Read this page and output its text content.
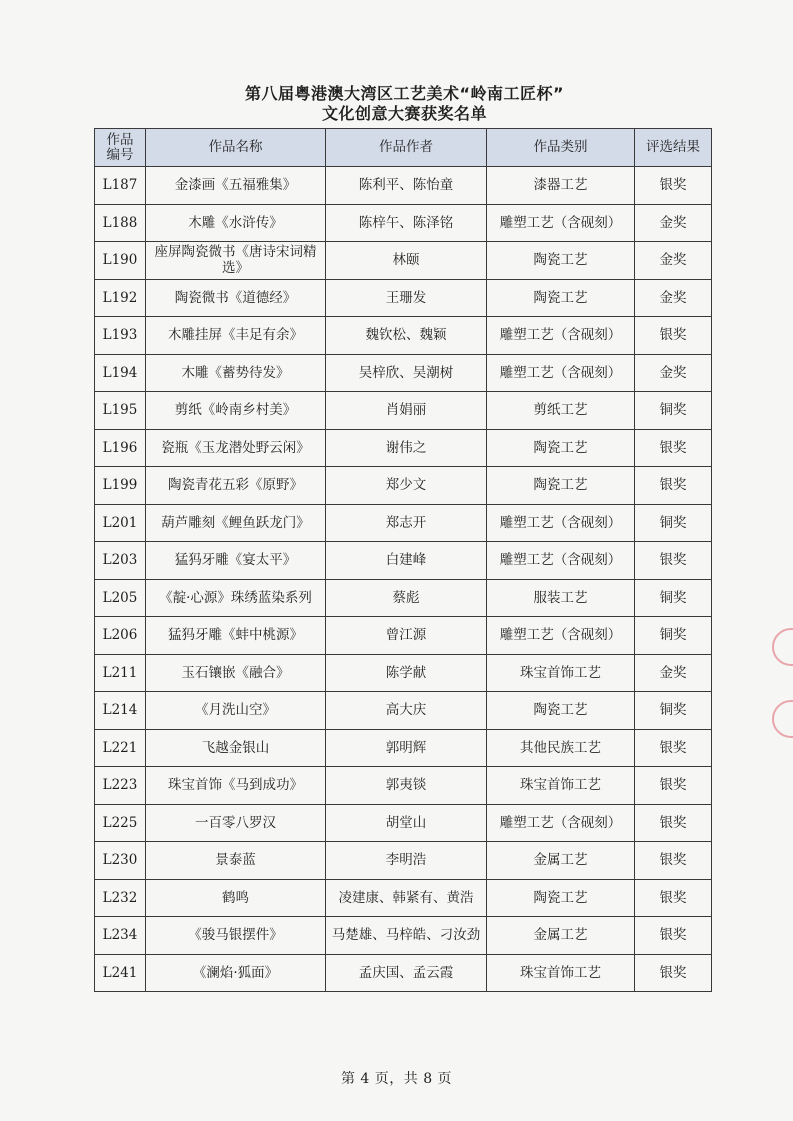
第八届粤港澳大湾区工艺美术“岭南工匠杯”
文化创意大赛获奖名单
作品
编号	作品名称	作品作者	作品类别	评选结果
L187	金漆画《五福雅集》	陈利平、陈怡童	漆器工艺	银奖
L188	木雕《水浒传》	陈梓午、陈泽铭	雕塑工艺（含砚刻）	金奖
L190	座屏陶瓷微书《唐诗宋词精选》	林颐	陶瓷工艺	金奖
L192	陶瓷微书《道德经》	王珊发	陶瓷工艺	金奖
L193	木雕挂屏《丰足有余》	魏钦松、魏颖	雕塑工艺（含砚刻）	银奖
L194	木雕《蓄势待发》	吴梓欣、吴潮树	雕塑工艺（含砚刻）	金奖
L195	剪纸《岭南乡村美》	肖娟丽	剪纸工艺	铜奖
L196	瓷瓶《玉龙潜处野云闲》	谢伟之	陶瓷工艺	银奖
L199	陶瓷青花五彩《原野》	郑少文	陶瓷工艺	银奖
L201	葫芦雕刻《鲤鱼跃龙门》	郑志开	雕塑工艺（含砚刻）	铜奖
L203	猛犸牙雕《宴太平》	白建峰	雕塑工艺（含砚刻）	银奖
L205	《靛·心源》珠绣蓝染系列	蔡彪	服装工艺	铜奖
L206	猛犸牙雕《蚌中桃源》	曾江源	雕塑工艺（含砚刻）	铜奖
L211	玉石镶嵌《融合》	陈学献	珠宝首饰工艺	金奖
L214	《月洗山空》	高大庆	陶瓷工艺	铜奖
L221	飞越金银山	郭明辉	其他民族工艺	银奖
L223	珠宝首饰《马到成功》	郭夷锬	珠宝首饰工艺	银奖
L225	一百零八罗汉	胡堂山	雕塑工艺（含砚刻）	银奖
L230	景泰蓝	李明浩	金属工艺	银奖
L232	鹤鸣	凌建康、韩紧有、黄浩	陶瓷工艺	银奖
L234	《骏马银摆件》	马楚雄、马梓皓、刁汝劲	金属工艺	银奖
L241	《澜焰·狐面》	孟庆国、孟云霞	珠宝首饰工艺	银奖
第 4 页，共 8 页
